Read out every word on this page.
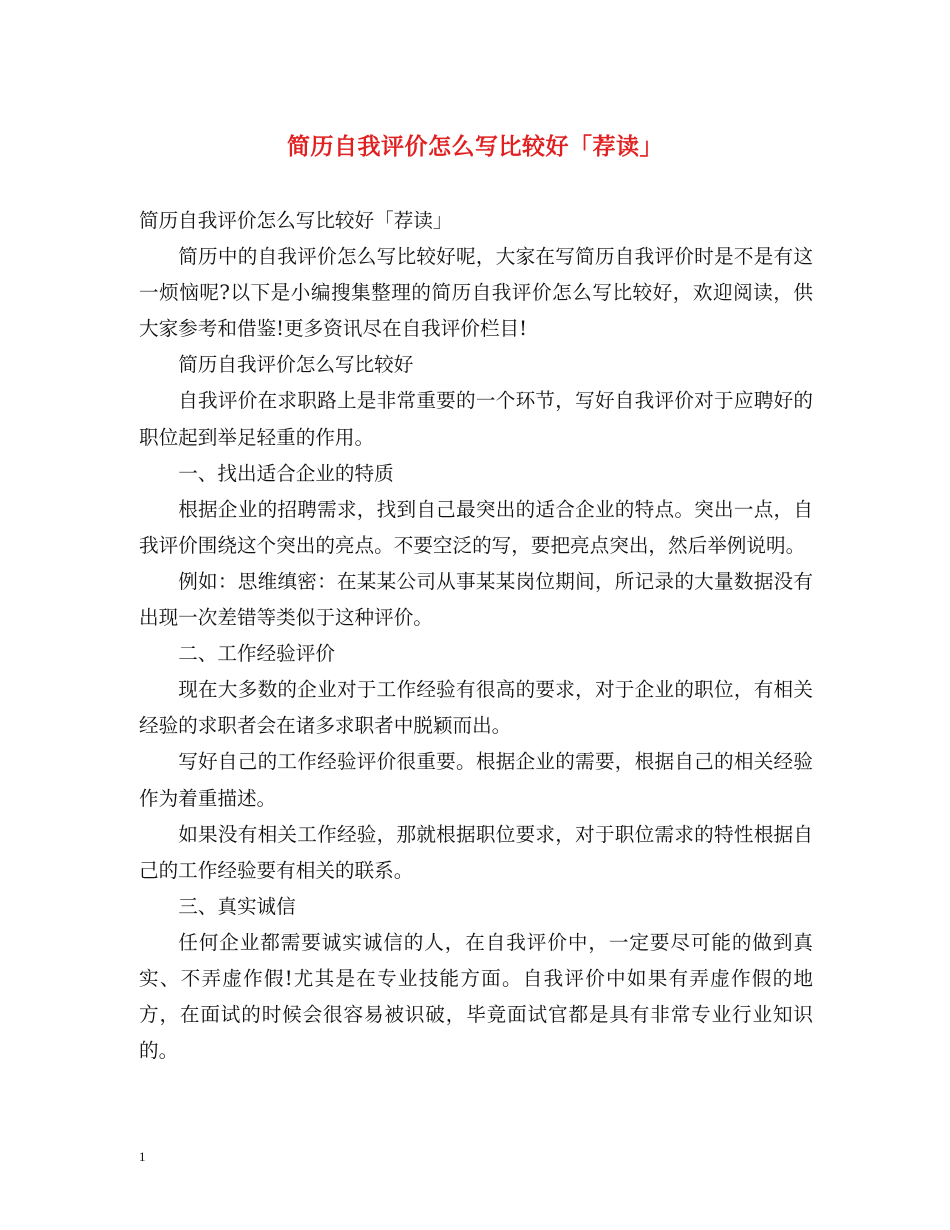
简历自我评价怎么写比较好「荐读」

简历自我评价怎么写比较好「荐读」

简历中的自我评价怎么写比较好呢，大家在写简历自我评价时是不是有这一烦恼呢?以下是小编搜集整理的简历自我评价怎么写比较好，欢迎阅读，供大家参考和借鉴!更多资讯尽在自我评价栏目!

简历自我评价怎么写比较好

自我评价在求职路上是非常重要的一个环节，写好自我评价对于应聘好的职位起到举足轻重的作用。

一、找出适合企业的特质

根据企业的招聘需求，找到自己最突出的适合企业的特点。突出一点，自我评价围绕这个突出的亮点。不要空泛的写，要把亮点突出，然后举例说明。

例如：思维缜密：在某某公司从事某某岗位期间，所记录的大量数据没有出现一次差错等类似于这种评价。

二、工作经验评价

现在大多数的企业对于工作经验有很高的要求，对于企业的职位，有相关经验的求职者会在诸多求职者中脱颖而出。

写好自己的工作经验评价很重要。根据企业的需要，根据自己的相关经验作为着重描述。

如果没有相关工作经验，那就根据职位要求，对于职位需求的特性根据自己的工作经验要有相关的联系。

三、真实诚信

任何企业都需要诚实诚信的人，在自我评价中，一定要尽可能的做到真实、不弄虚作假!尤其是在专业技能方面。自我评价中如果有弄虚作假的地方，在面试的时候会很容易被识破，毕竟面试官都是具有非常专业行业知识的。

1
